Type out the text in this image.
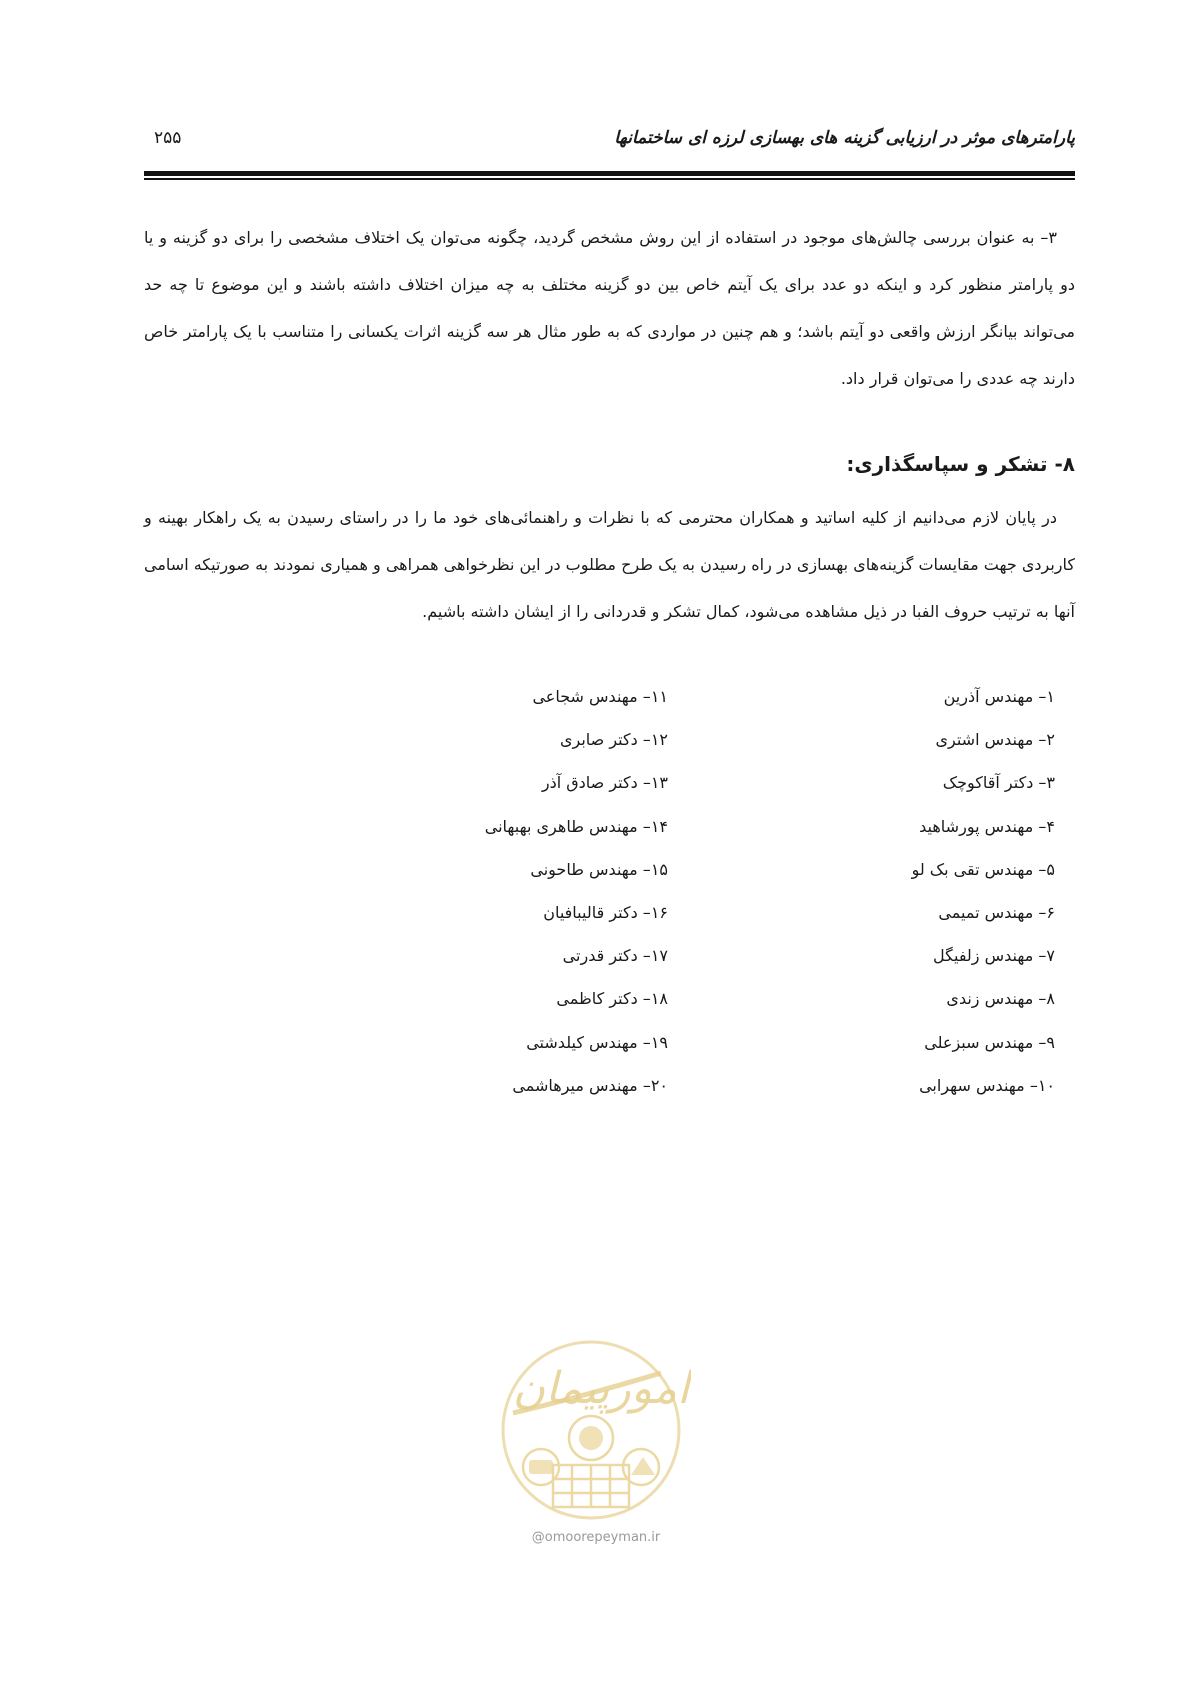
پارامترهای موثر در ارزیابی گزینه های بهسازی لرزه ای ساختمانها
۲۵۵
۳– به عنوان بررسی چالش‌های موجود در استفاده از این روش مشخص گردید، چگونه می‌توان یک اختلاف مشخصی را برای دو گزینه و یا دو پارامتر منظور کرد و اینکه دو عدد برای یک آیتم خاص بین دو گزینه مختلف به چه میزان اختلاف داشته باشند و این موضوع تا چه حد می‌تواند بیانگر ارزش واقعی دو آیتم باشد؛ و هم چنین در مواردی که به طور مثال هر سه گزینه اثرات یکسانی را متناسب با یک پارامتر خاص دارند چه عددی را می‌توان قرار داد.
۸- تشکر و سپاسگذاری:
در پایان لازم می‌دانیم از کلیه اساتید و همکاران محترمی که با نظرات و راهنمائی‌های خود ما را در راستای رسیدن به یک راهکار بهینه و کاربردی جهت مقایسات گزینه‌های بهسازی در راه رسیدن به یک طرح مطلوب در این نظرخواهی همراهی و همیاری نمودند به صورتیکه اسامی آنها به ترتیب حروف الفبا در ذیل مشاهده می‌شود، کمال تشکر و قدردانی را از ایشان داشته باشیم.
۱– مهندس آذرین
۲– مهندس اشتری
۳– دکتر آقاکوچک
۴– مهندس پورشاهید
۵– مهندس تقی بک لو
۶– مهندس تمیمی
۷– مهندس زلفیگل
۸– مهندس زندی
۹– مهندس سبزعلی
۱۰– مهندس سهرابی
۱۱– مهندس شجاعی
۱۲– دکتر صابری
۱۳– دکتر صادق آذر
۱۴– مهندس طاهری بهبهانی
۱۵– مهندس طاحونی
۱۶– دکتر قالیبافیان
۱۷– دکتر قدرتی
۱۸– دکتر کاظمی
۱۹– مهندس کیلدشتی
۲۰– مهندس میرهاشمی
امورپیمان
@omoorepeyman.ir
